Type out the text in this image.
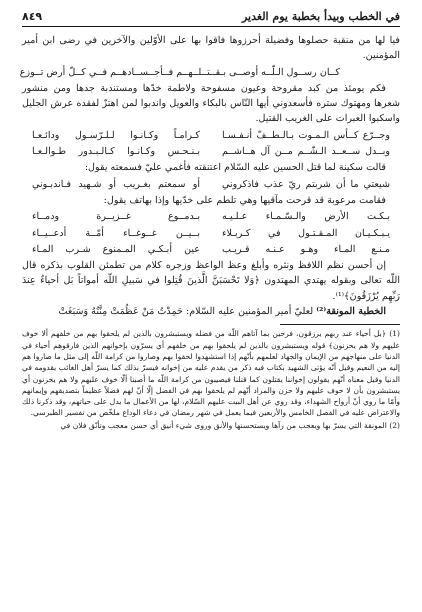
في الخطب وبيدأ بخطبة يوم الغدير
٨٤٩

فيا لها من منقبة حصلوها وفضيلة أحرزوها فاقوا بها على الأوّلين والآخرين في رضى ابن أمير المؤمنين.

كــان رســول الـلّــه أوصــى بـقــتــلــهــم فــأجــســادهــم فــي كــلّ أرض تــوزع

فكم يومئذ من كبد مقروحة وعيون مسفوحة ولاطمة خدّها ومستندبة جدها ومن منشور شعرها ومهتوك ستره فأسعدوني أيها النّاس بالبكاء والعويل واندبوا لمن اهتزّ لفقده عرش الجليل واسكبوا العبرات على الغريب القتيل.

وجــرّع كــأس الـمـوت بـالـطــفّ أنـفـسـا
كـرامـاً وكـانـوا لـلـرّسـول ودائـعـا
وبــدل ســعــد الـشّــم مــن آل هــاشــم
بـنـحـس وكـانـوا كـالـبـدور طـوالـعـا

قالت سكينة لما قتل الحسين عليه السّلام اعتنقته فأغمي عليّ فسمعته يقول:

شيعتي ما أن شربتم ريّ عذب فاذكروني
أو سمعتم بغـريب أو شـهيد فـاندبـوني

فقامت مرعوبة قد قرحت مآقيها وهي تلطم على خدّيها وإذا بهاتف يقول:

بـكـت الأرض والـسّـمـاء عـلـيـه
بـدمــوع غــزيــرة ودمــاء
يـبـكـيـان المـقـتـول في كـربـلاء
بــيــن غــوغــاء أمّــة أدعــيــاء
مـنـع المـاء وهـو عـنـه قـريـب
عين أبـكـي المـمنوع شـرب المـاء

إن أحسن نظم اللافظ ونثره وأبلغ وعظ الواعظ وزجره كلام من تطمئن القلوب بذكره قال اللّه تعالى وبقوله يهتدي المهتدون ﴿وَلا تَحْسَبَنَّ الَّذينَ قُتِلوا في سَبيلِ اللّه أمواتاً بَل أحياءٌ عِندَ رَبِّهِم يُرْزَقُونَ﴾⁽¹⁾.

الخطبة المونقة⁽²⁾ لعليّ أمير المؤمنين عليه السّلام: حَمِدْتُ مَنْ عَظُمَتْ مِنَّتُهُ وَسَبَغَتْ

(1) ﴿بل أحياء عند ربهم يرزقون، فرحين بما آتاهم اللّه من فضله ويستبشرون بالذين لم يلحقوا بهم من خلفهم ألا خوف عليهم ولا هم يحزنون﴾ قوله ويستبشرون بالذين لم يلحقوا بهم من خلفهم أي يسرّون بإخوانهم الذين فارقوهم أحياء في الدنيا على منهاجهم من الإيمان والجهاد لعلمهم بأنّهم إذا استشهدوا لحقوا بهم وصاروا من كرامة اللّه إلى مثل ما صاروا هم إليه من النعيم وقيل أنّه يؤتى الشهيد بكتاب فيه ذكر من يقدم عليه من إخوانه فيسرّ بذلك كما يسرّ أهل الغائب بقدومه في الدنيا وقيل معناه أنّهم يقولون إخواننا يقتلون كما قتلنا فيصيبون من كرامة اللّه ما أصبنا ألّا خوف عليهم ولا هم يحزنون أي يستبشرون بأن لا خوف عليهم ولا حزن والمراد أنّهم لم يلحقوا بهم في الفضل إلّا أنّ لهم فضلاً عظيماً بتصديقهم وإيمانهم وأمّا ما روي أنّ أرواح الشهداء، وقد روي عن أهل البيت عليهم السّلام، لها من الأعمال ما يدل على حياتهم، وقد ذكرنا ذلك والاعتراض عليه في الفصل الخامس والأربعين فيما يعمل في شهر رمضان في دعاء الوداع ملخّص من تفسير الطبرسي.

(2) المونقة التي يسرّ بها ويعجب من رآها ويستحسنها والأنق وروى شيء أنيق أي حسن معجب وتأنّق فلان في
